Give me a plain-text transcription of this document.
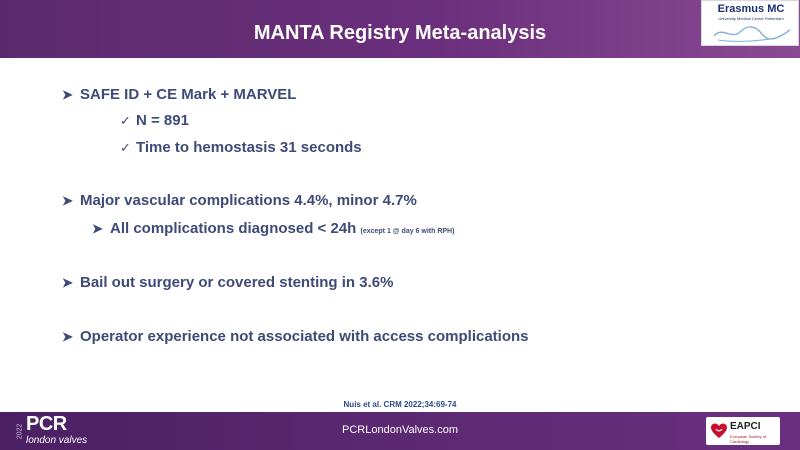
MANTA Registry Meta-analysis
Erasmus MC
University Medical Center Rotterdam
➤ SAFE ID + CE Mark + MARVEL
✓ N = 891
✓ Time to hemostasis 31 seconds
➤ Major vascular complications 4.4%, minor 4.7%
➤ All complications diagnosed < 24h (except 1 @ day 6 with RPH)
➤ Bail out surgery or covered stenting in 3.6%
➤ Operator experience not associated with access complications
Nuis et al. CRM 2022;34:69-74
2022 PCR
london valves
PCRLondonValves.com	EAPCI
European Society of Cardiology
